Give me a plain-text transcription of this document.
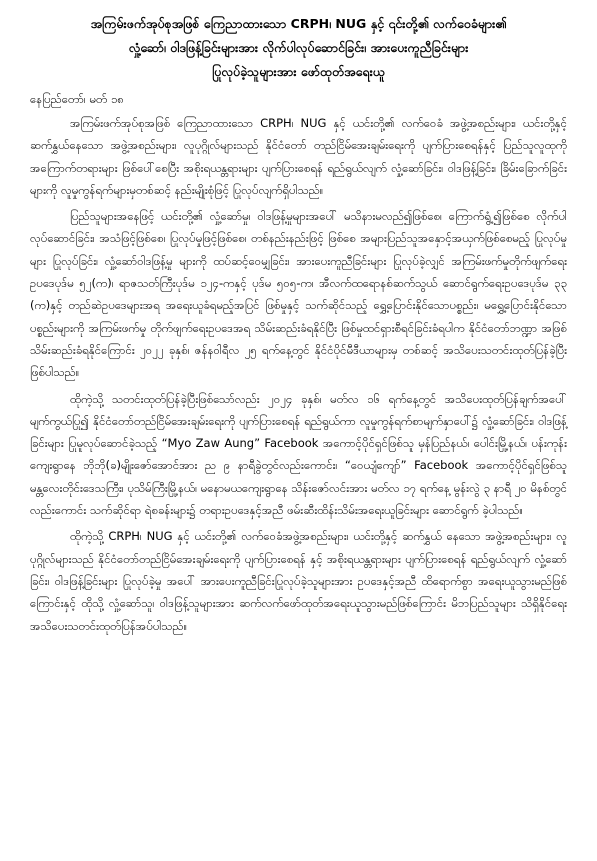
အကြမ်းဖက်အုပ်စုအဖြစ် ကြေညာထားသော CRPH၊ NUG နှင့် ၎င်းတို့၏ လက်ဝေခံများ၏
လှုံ့ဆော်၊ ဝါဒဖြန့်ခြင်းများအား လိုက်ပါလုပ်ဆောင်ခြင်း၊ အားပေးကူညီခြင်းများ
ပြုလုပ်ခဲ့သူများအား ဖော်ထုတ်အရေးယူ
နေပြည်တော်၊ မတ် ၁၈

အကြမ်းဖက်အုပ်စုအဖြစ် ကြေညာထားသော CRPH၊ NUG နှင့် ယင်းတို့၏ လက်ဝေခံ အဖွဲ့အစည်းများ၊ ယင်းတို့နှင့် ဆက်နွှယ်နေသော အဖွဲ့အစည်းများ၊ လူပုဂ္ဂိုလ်များသည် နိုင်ငံတော် တည်ငြိမ်အေးချမ်းရေးကို ပျက်ပြားစေရန်နှင့် ပြည်သူလူထုကို အကြောက်တရားများ ဖြစ်ပေါ်စေပြီး အစိုးရယန္တရားများ ပျက်ပြားစေရန် ရည်ရွယ်လျက် လှုံ့ဆော်ခြင်း၊ ဝါဒဖြန့်ခြင်း၊ ခြိမ်းခြောက်ခြင်းများကို လူမှုကွန်ရက်များမှတစ်ဆင့် နည်းမျိုးစုံဖြင့် ပြုလုပ်လျက်ရှိပါသည်။

ပြည်သူများအနေဖြင့် ယင်းတို့၏ လှုံ့ဆော်မှု၊ ဝါဒဖြန့်မှုများအပေါ် မသိနားမလည်၍ဖြစ်စေ၊ ကြောက်ရွံ့၍ဖြစ်စေ လိုက်ပါလုပ်ဆောင်ခြင်း၊ အသံဖြင့်ဖြစ်စေ၊ ပြုလုပ်မှုဖြင့်ဖြစ်စေ၊ တစ်နည်းနည်းဖြင့် ဖြစ်စေ အများပြည်သူအနှောင့်အယှက်ဖြစ်စေမည့် ပြုလုပ်မှုများ ပြုလုပ်ခြင်း၊ လှုံ့ဆော်ဝါဒဖြန့်မှု များကို ထပ်ဆင့်ဝေမျှခြင်း၊ အားပေးကူညီခြင်းများ ပြုလုပ်ခဲ့လျှင် အကြမ်းဖက်မှုတိုက်ဖျက်ရေး ဥပဒေပုဒ်မ ၅၂(က)၊ ရာဇသတ်ကြီးပုဒ်မ ၁၂၄-ကနှင့် ပုဒ်မ ၅၀၅-က၊ အီလက်ထရောနစ်ဆက်သွယ် ဆောင်ရွက်ရေးဥပဒေပုဒ်မ ၃၃ (က)နှင့် တည်ဆဲဥပဒေများအရ အရေးယူခံရမည့်အပြင် ဖြစ်မှုနှင့် သက်ဆိုင်သည့် ရွှေ့ပြောင်းနိုင်သောပစ္စည်း၊ မရွှေ့ပြောင်းနိုင်သောပစ္စည်းများကို အကြမ်းဖက်မှု တိုက်ဖျက်ရေးဥပဒေအရ သိမ်းဆည်းခံရနိုင်ပြီး ဖြစ်မှုထင်ရှားစီရင်ခြင်းခံရပါက နိုင်ငံတော်ဘဏ္ဍာ အဖြစ် သိမ်းဆည်းခံရနိုင်ကြောင်း ၂၀၂၂ ခုနှစ်၊ ဇန်နဝါရီလ ၂၅ ရက်နေ့တွင် နိုင်ငံပိုင်မီဒီယာများမှ တစ်ဆင့် အသိပေးသတင်းထုတ်ပြန်ခဲ့ပြီး ဖြစ်ပါသည်။

ထိုကဲ့သို့ သတင်းထုတ်ပြန်ခဲ့ပြီးဖြစ်သော်လည်း ၂၀၂၄ ခုနှစ်၊ မတ်လ ၁၆ ရက်နေ့တွင် အသိပေးထုတ်ပြန်ချက်အပေါ် မျက်ကွယ်ပြု၍ နိုင်ငံတော်တည်ငြိမ်အေးချမ်းရေးကို ပျက်ပြားစေရန် ရည်ရွယ်ကာ လူမှုကွန်ရက်စာမျက်နှာပေါ်၌ လှုံ့ဆော်ခြင်း၊ ဝါဒဖြန့်ခြင်းများ ပြုမူလုပ်ဆောင်ခဲ့သည့် “Myo Zaw Aung” Facebook အကောင့်ပိုင်ရှင်ဖြစ်သူ မှန်ပြည်နယ်၊ ပေါင်းမြို့နယ်၊ ပန်းကုန်း ကျေးရွာနေ ဘိုဘို(ခ)မျိုးဇော်အောင်အား ည ၉ နာရီခွဲတွင်လည်းကောင်း၊ “ဝေယျံကျော်” Facebook အကောင့်ပိုင်ရှင်ဖြစ်သူ မန္တလေးတိုင်းဒေသကြီး၊ ပုသိမ်ကြီးမြို့နယ်၊ မနောမယကျေးရွာနေ သိန်းဇော်လင်းအား မတ်လ ၁၇ ရက်နေ့ မွန်းလွဲ ၃ နာရီ ၂၀ မိနစ်တွင်လည်းကောင်း သက်ဆိုင်ရာ ရဲစခန်းများ၌ တရားဥပဒေနှင့်အညီ ဖမ်းဆီးထိန်းသိမ်းအရေးယူခြင်းများ ဆောင်ရွက် ခဲ့ပါသည်။

ထိုကဲ့သို့ CRPH၊ NUG နှင့် ယင်းတို့၏ လက်ဝေခံအဖွဲ့အစည်းများ၊ ယင်းတို့နှင့် ဆက်နွှယ် နေသော အဖွဲ့အစည်းများ၊ လူပုဂ္ဂိုလ်များသည် နိုင်ငံတော်တည်ငြိမ်အေးချမ်းရေးကို ပျက်ပြားစေရန် နှင့် အစိုးရယန္တရားများ ပျက်ပြားစေရန် ရည်ရွယ်လျက် လှုံ့ဆော်ခြင်း၊ ဝါဒဖြန့်ခြင်းများ ပြုလုပ်ခဲ့မှု အပေါ် အားပေးကူညီခြင်းပြုလုပ်ခဲ့သူများအား ဥပဒေနှင့်အညီ ထိရောက်စွာ အရေးယူသွားမည်ဖြစ် ကြောင်းနှင့် ထိုသို့ လှုံ့ဆော်သူ၊ ဝါဒဖြန့်သူများအား ဆက်လက်ဖော်ထုတ်အရေးယူသွားမည်ဖြစ်ကြောင်း မိဘပြည်သူများ သိရှိနိုင်ရေး အသိပေးသတင်းထုတ်ပြန်အပ်ပါသည်။
